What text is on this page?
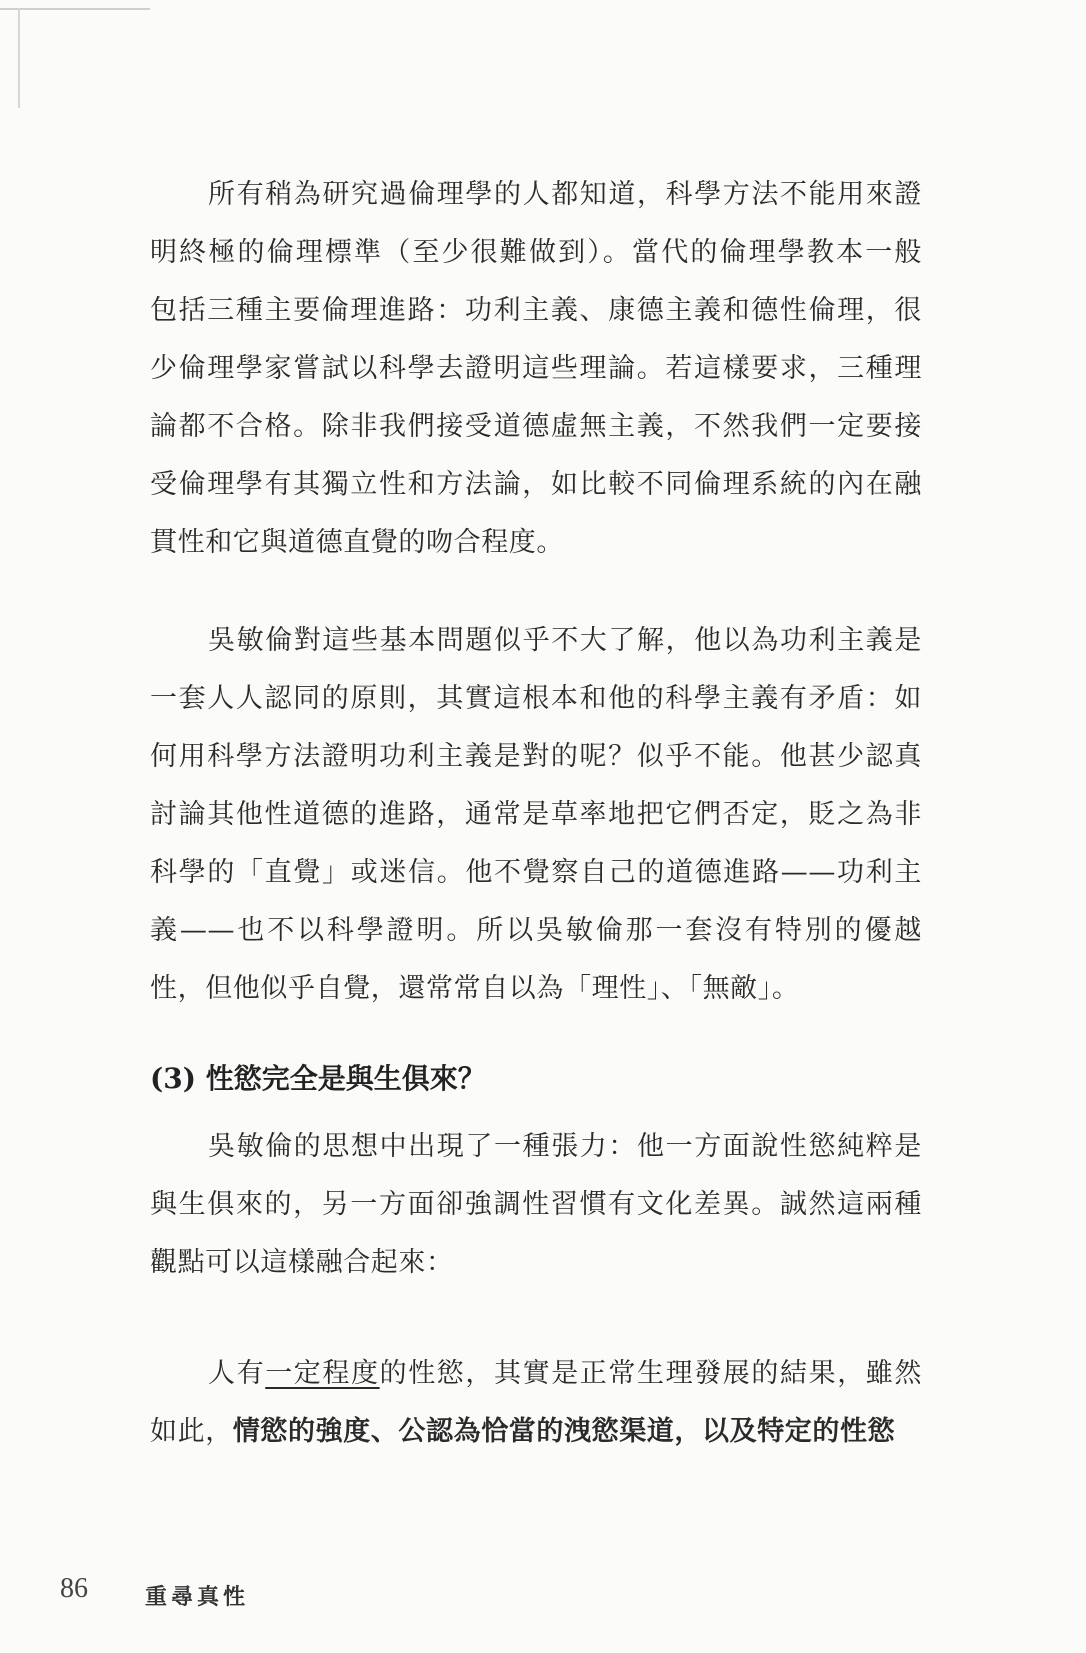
所有稍為研究過倫理學的人都知道，科學方法不能用來證
明終極的倫理標準（至少很難做到）。當代的倫理學教本一般
包括三種主要倫理進路：功利主義、康德主義和德性倫理，很
少倫理學家嘗試以科學去證明這些理論。若這樣要求，三種理
論都不合格。除非我們接受道德虛無主義，不然我們一定要接
受倫理學有其獨立性和方法論，如比較不同倫理系統的內在融
貫性和它與道德直覺的吻合程度。
吳敏倫對這些基本問題似乎不大了解，他以為功利主義是
一套人人認同的原則，其實這根本和他的科學主義有矛盾：如
何用科學方法證明功利主義是對的呢？似乎不能。他甚少認真
討論其他性道德的進路，通常是草率地把它們否定，貶之為非
科學的「直覺」或迷信。他不覺察自己的道德進路——功利主
義——也不以科學證明。所以吳敏倫那一套沒有特別的優越
性，但他似乎自覺，還常常自以為「理性」、「無敵」。
(3) 性慾完全是與生俱來？
吳敏倫的思想中出現了一種張力：他一方面說性慾純粹是
與生俱來的，另一方面卻強調性習慣有文化差異。誠然這兩種
觀點可以這樣融合起來：
人有一定程度的性慾，其實是正常生理發展的結果，雖然
如此，情慾的強度、公認為恰當的洩慾渠道，以及特定的性慾
86	重尋真性
